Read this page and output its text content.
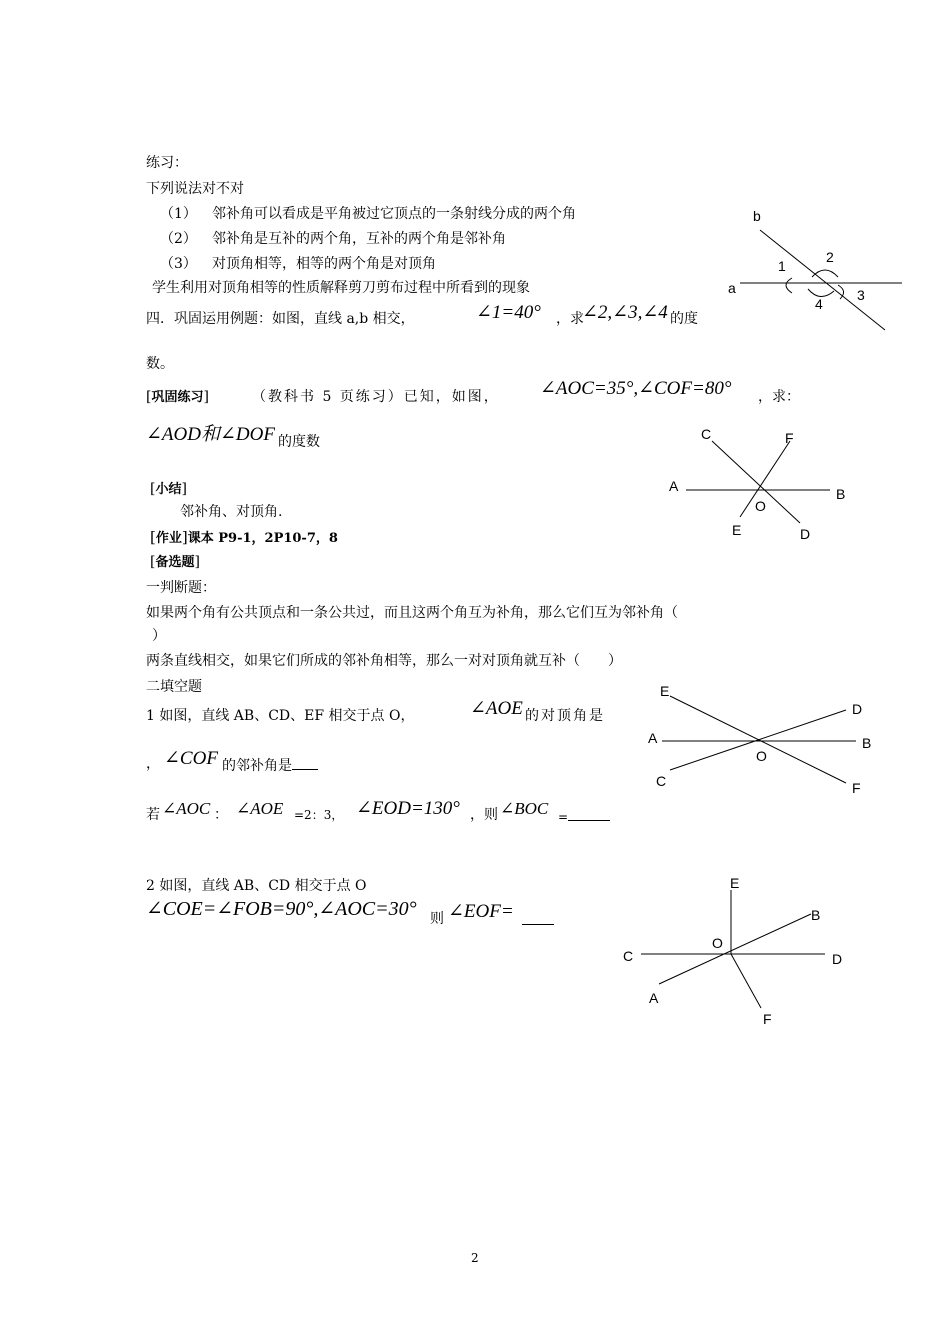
练习：
下列说法对不对
（1） 邻补角可以看成是平角被过它顶点的一条射线分成的两个角
（2） 邻补角是互补的两个角，互补的两个角是邻补角
（3） 对顶角相等，相等的两个角是对顶角
学生利用对顶角相等的性质解释剪刀剪布过程中所看到的现象
四．巩固运用例题：如图，直线 a,b 相交，	∠1=40° ，求
∠2,∠3,∠4 的度
数。
[巩固练习]	（教科书 5 页练习）已知，如图， ∠AOC=35°,∠COF=80° ，求：
∠AOD和∠DOF 的度数
[小结]
邻补角、对顶角.
[作业]课本 P9-1，2P10-7，8
[备选题]
一判断题：
如果两个角有公共顶点和一条公共过，而且这两个角互为补角，那么它们互为邻补角（
）
两条直线相交，如果它们所成的邻补角相等，那么一对对顶角就互补（　　）
二填空题
1 如图，直线 AB、CD、EF 相交于点 O，	∠AOE 的对顶角是
， ∠COF 的邻补角是
若 ∠AOC ： ∠AOE =2：3， ∠EOD=130° ，则 ∠BOC =
2 如图，直线 AB、CD 相交于点 O
∠COE=∠FOB=90°,∠AOC=30° 则 ∠EOF=
2
b
a
1
2
3
4
A	B
C
D
E
F
O
E
D
A	B
O
C	F
E
B
O
C	D
A
F
